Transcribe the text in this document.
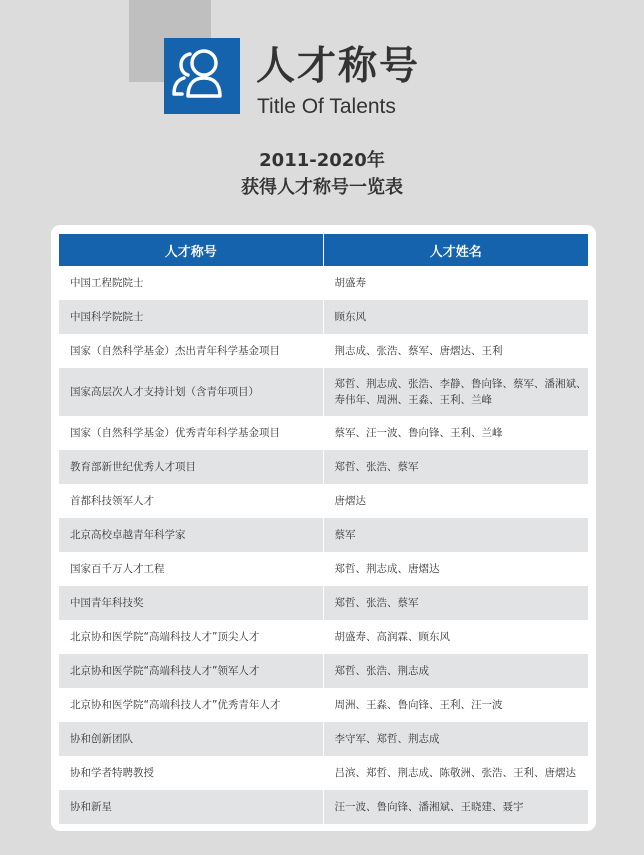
人才称号
Title Of Talents
2011-2020年
获得人才称号一览表
人才称号	人才姓名
中国工程院院士	胡盛寿
中国科学院院士	顾东风
国家（自然科学基金）杰出青年科学基金项目	荆志成、张浩、蔡军、唐熠达、王利
国家高层次人才支持计划（含青年项目）	郑哲、荆志成、张浩、李静、鲁向锋、蔡军、潘湘斌、寿伟年、周洲、王淼、王利、兰峰
国家（自然科学基金）优秀青年科学基金项目	蔡军、汪一波、鲁向锋、王利、兰峰
教育部新世纪优秀人才项目	郑哲、张浩、蔡军
首都科技领军人才	唐熠达
北京高校卓越青年科学家	蔡军
国家百千万人才工程	郑哲、荆志成、唐熠达
中国青年科技奖	郑哲、张浩、蔡军
北京协和医学院“高端科技人才”顶尖人才	胡盛寿、高润霖、顾东风
北京协和医学院“高端科技人才”领军人才	郑哲、张浩、荆志成
北京协和医学院“高端科技人才”优秀青年人才	周洲、王淼、鲁向锋、王利、汪一波
协和创新团队	李守军、郑哲、荆志成
协和学者特聘教授	吕滨、郑哲、荆志成、陈敬洲、张浩、王利、唐熠达
协和新星	汪一波、鲁向锋、潘湘斌、王晓建、聂宇
